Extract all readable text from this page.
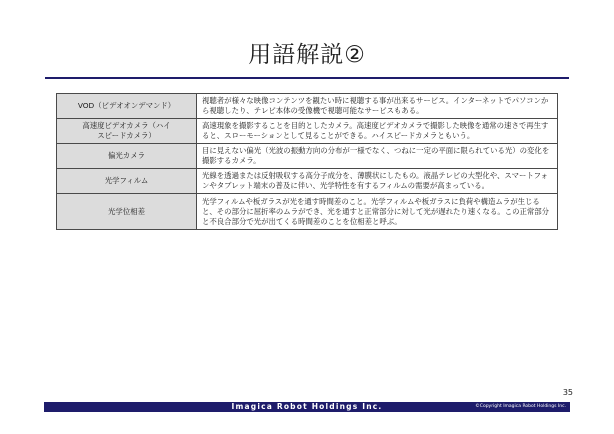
用語解説②
VOD（ビデオオンデマンド）	視聴者が様々な映像コンテンツを観たい時に視聴する事が出来るサービス。インターネットでパソコンから視聴したり、テレビ本体の受像機で視聴可能なサービスもある。
高速度ビデオカメラ（ハイスピードカメラ）	高速現象を撮影することを目的としたカメラ。高速度ビデオカメラで撮影した映像を通常の速さで再生すると、スローモーションとして見ることができる。ハイスピードカメラともいう。
偏光カメラ	目に見えない偏光（光波の振動方向の分布が一様でなく、つねに一定の平面に限られている光）の変化を撮影するカメラ。
光学フィルム	光線を透過または反射吸収する高分子成分を、薄膜状にしたもの。液晶テレビの大型化や、スマートフォンやタブレット端末の普及に伴い、光学特性を有するフィルムの需要が高まっている。
光学位相差	光学フィルムや板ガラスが光を通す時間差のこと。光学フィルムや板ガラスに負荷や構造ムラが生じると、その部分に屈折率のムラができ、光を通すと正常部分に対して光が遅れたり速くなる。この正常部分と不良合部分で光が出てくる時間差のことを位相差と呼ぶ。
35
Imagica Robot Holdings Inc.	©Copyright Imagica Robot Holdings Inc.
